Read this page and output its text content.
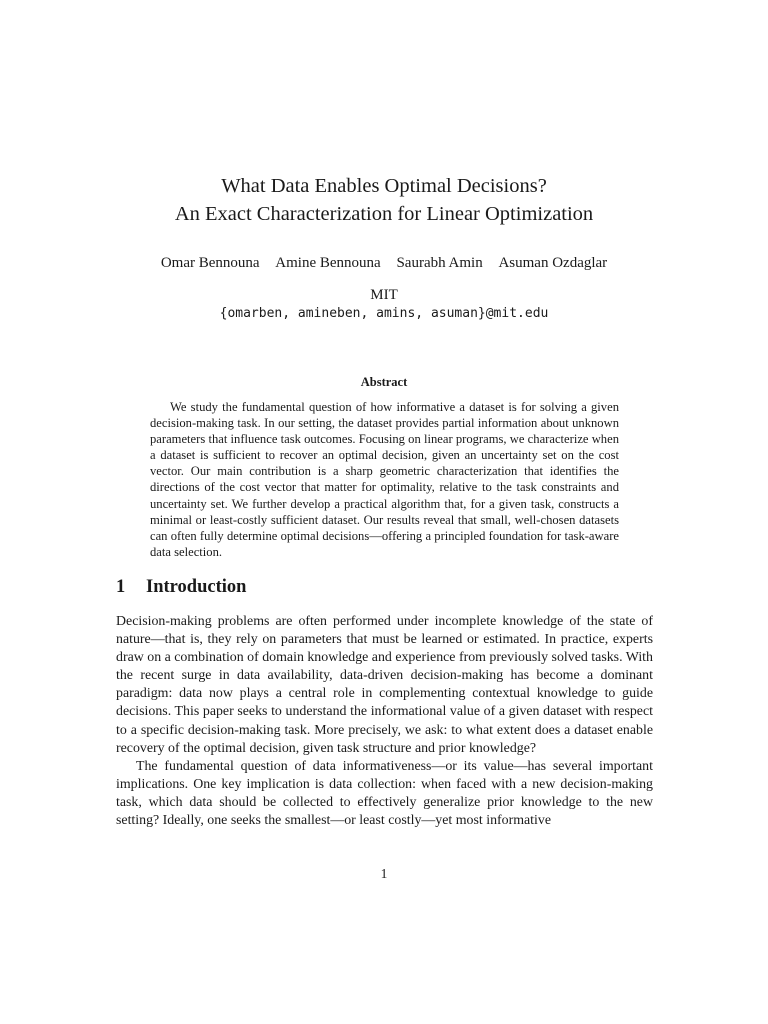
What Data Enables Optimal Decisions?
An Exact Characterization for Linear Optimization
Omar Bennouna Amine Bennouna Saurabh Amin Asuman Ozdaglar
MIT
{omarben, amineben, amins, asuman}@mit.edu
Abstract

We study the fundamental question of how informative a dataset is for solving a given decision-making task. In our setting, the dataset provides partial information about unknown parameters that influence task outcomes. Focusing on linear programs, we characterize when a dataset is sufficient to recover an optimal decision, given an uncertainty set on the cost vector. Our main contribution is a sharp geometric characterization that identifies the directions of the cost vector that matter for optimality, relative to the task constraints and uncertainty set. We further develop a practical algorithm that, for a given task, constructs a minimal or least-costly sufficient dataset. Our results reveal that small, well-chosen datasets can often fully determine optimal decisions—offering a principled foundation for task-aware data selection.

1 Introduction

Decision-making problems are often performed under incomplete knowledge of the state of nature—that is, they rely on parameters that must be learned or estimated. In practice, experts draw on a combination of domain knowledge and experience from previously solved tasks. With the recent surge in data availability, data-driven decision-making has become a dominant paradigm: data now plays a central role in complementing contextual knowledge to guide decisions. This paper seeks to understand the informational value of a given dataset with respect to a specific decision-making task. More precisely, we ask: to what extent does a dataset enable recovery of the optimal decision, given task structure and prior knowledge?

The fundamental question of data informativeness—or its value—has several important implications. One key implication is data collection: when faced with a new decision-making task, which data should be collected to effectively generalize prior knowledge to the new setting? Ideally, one seeks the smallest—or least costly—yet most informative

1
